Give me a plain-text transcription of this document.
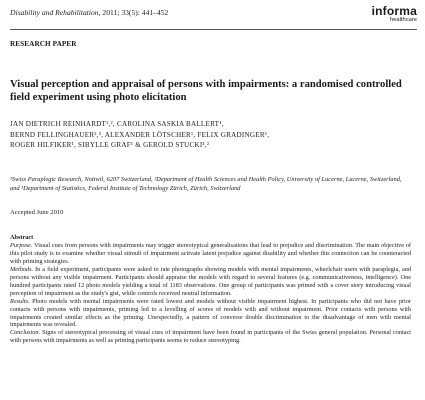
Disability and Rehabilitation, 2011; 33(5): 441–452	informa
healthcare
RESEARCH PAPER
Visual perception and appraisal of persons with impairments: a randomised controlled field experiment using photo elicitation
JAN DIETRICH REINHARDT¹,², CAROLINA SASKIA BALLERT¹,
BERND FELLINGHAUER²,³, ALEXANDER LÖTSCHER¹, FELIX GRADINGER¹,
ROGER HILFIKER¹, SIBYLLE GRAF¹ & GEROLD STUCKI¹,²
¹Swiss Paraplegic Research, Nottwil, 6207 Switzerland, ²Department of Health Sciences and Health Policy, University of Lucerne, Lucerne, Switzerland, and ³Department of Statistics, Federal Institute of Technology Zürich, Zürich, Switzerland
Accepted June 2010
Abstract

Purpose. Visual cues from persons with impairments may trigger stereotypical generalisations that lead to prejudice and discrimination. The main objective of this pilot study is to examine whether visual stimuli of impairment activate latent prejudice against disability and whether this connection can be counteracted with priming strategies.

Methods. In a field experiment, participants were asked to rate photographs showing models with mental impairments, wheelchair users with paraplegia, and persons without any visible impairment. Participants should appraise the models with regard to several features (e.g. communicativeness, intelligence). One hundred participants rated 12 photo models yielding a total of 1183 observations. One group of participants was primed with a cover story introducing visual perception of impairment as the study's gist, while controls received neutral information.

Results. Photo models with mental impairments were rated lowest and models without visible impairment highest. In participants who did not have prior contacts with persons with impairments, priming led to a levelling of scores of models with and without impairment. Prior contacts with persons with impairments created similar effects as the priming. Unexpectedly, a pattern of converse double discrimination to the disadvantage of men with mental impairments was revealed.

Conclusion. Signs of stereotypical processing of visual cues of impairment have been found in participants of the Swiss general population. Personal contact with persons with impairments as well as priming participants seems to reduce stereotyping.
